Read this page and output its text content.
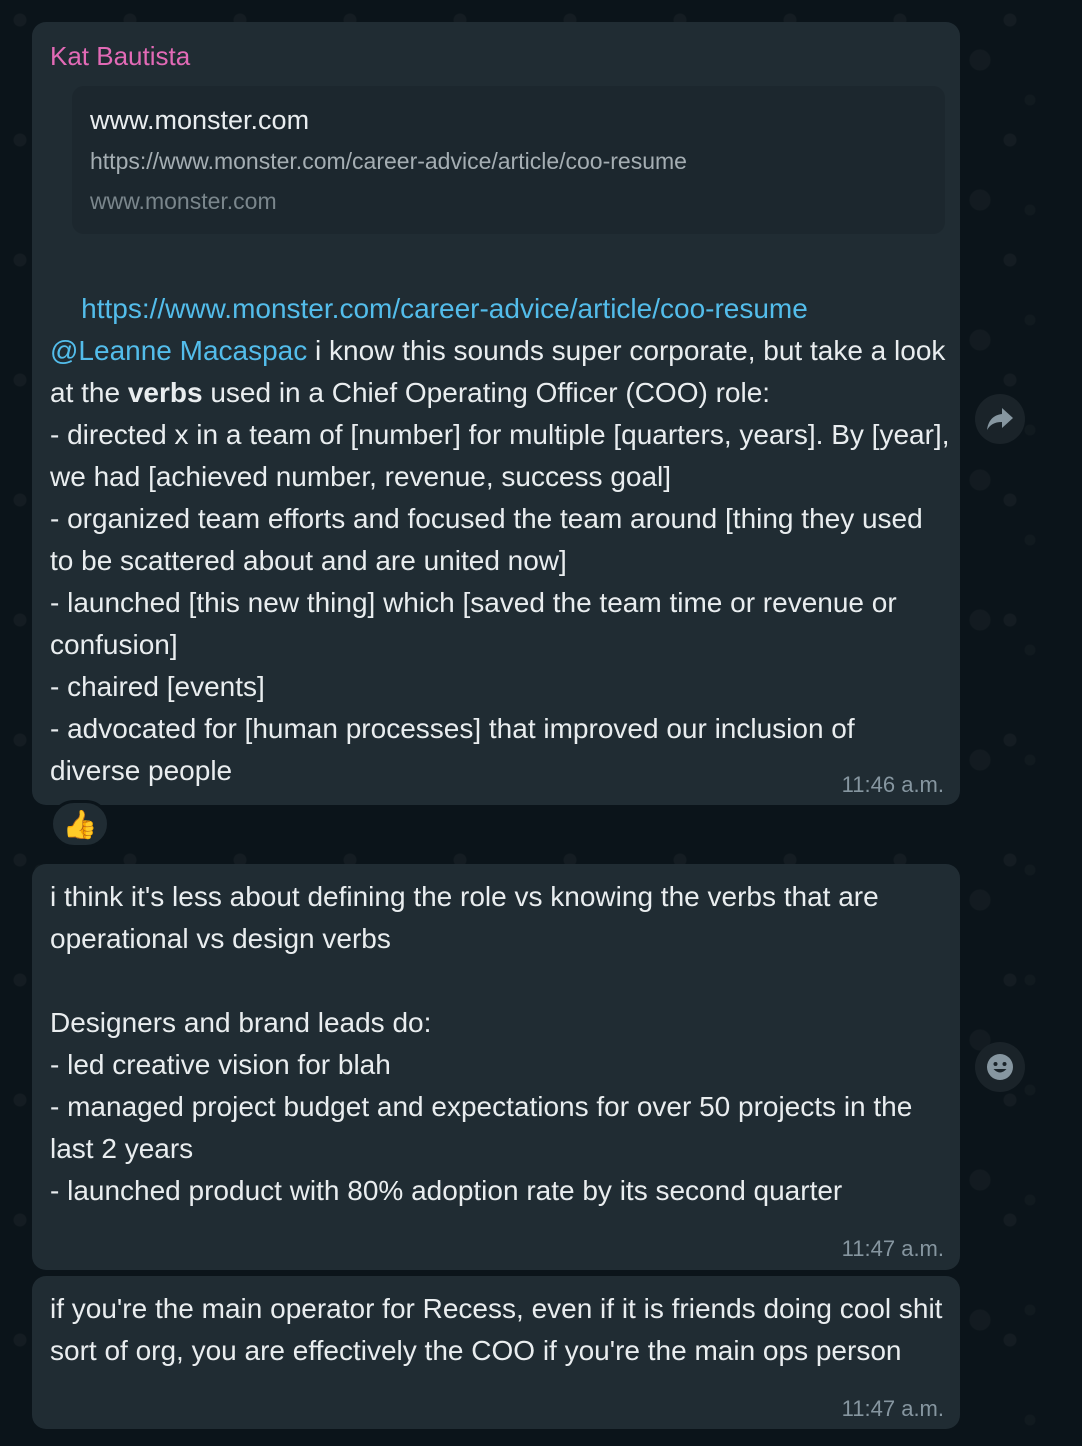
Kat Bautista
www.monster.com
https://www.monster.com/career-advice/article/coo-resume
www.monster.com

https://www.monster.com/career-advice/article/coo-resume

@Leanne Macaspac i know this sounds super corporate, but take a look at the verbs used in a Chief Operating Officer (COO) role:
- directed x in a team of [number] for multiple [quarters, years]. By [year], we had [achieved number, revenue, success goal]
- organized team efforts and focused the team around [thing they used to be scattered about and are united now]
- launched [this new thing] which [saved the team time or revenue or confusion]
- chaired [events]
- advocated for [human processes] that improved our inclusion of diverse people	11:46 a.m.
👍
i think it's less about defining the role vs knowing the verbs that are operational vs design verbs

Designers and brand leads do:
- led creative vision for blah
- managed project budget and expectations for over 50 projects in the last 2 years
- launched product with 80% adoption rate by its second quarter
11:47 a.m.
if you're the main operator for Recess, even if it is friends doing cool shit sort of org, you are effectively the COO if you're the main ops person
11:47 a.m.
